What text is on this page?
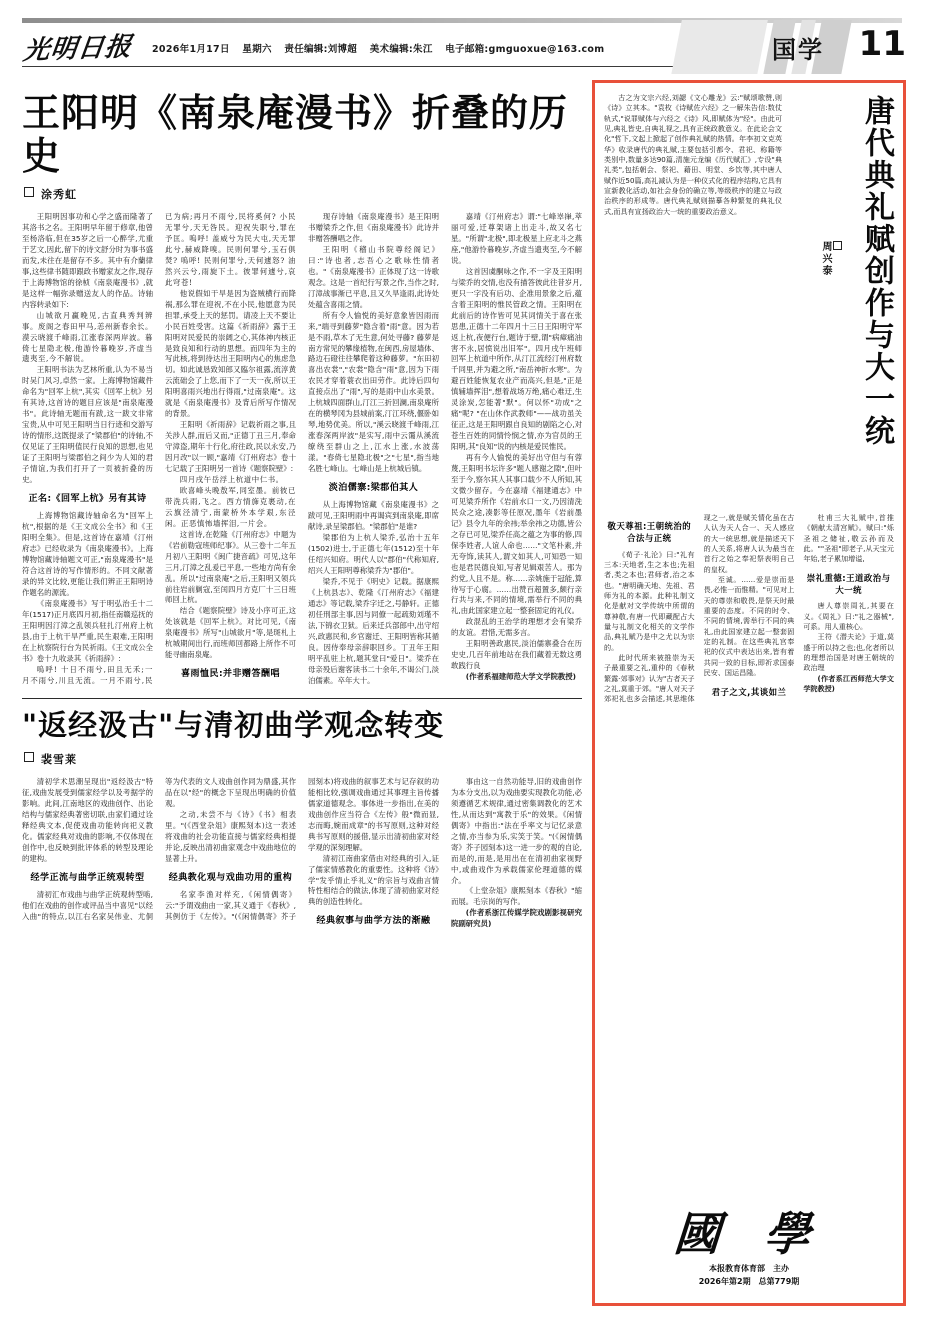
光明日报 2026年1月17日 星期六 责任编辑:刘博超 美术编辑:朱江 电子邮箱:gmguoxue@163.com	国学 11
王阳明《南泉庵漫书》折叠的历史
涂秀虹

王阳明因事功和心学之盛而隆著了其洛书之名。王阳明早年留于修章,他曾至杨洛临,但在35岁之后一心醉学,尤重于艺文,因此,留下的诗文舒分时为事书盛而发,未往在是留存不多。其中有介蘭律事,这些律书随即跟政书赠家友之作,现存于上海博物馆的徐桢《南泉庵漫书》,就是这样一幅弥录赠送友人的作品。诗轴内容转录如下:

山城欲月赢晚见,古直典秀判辨事。废阁之春田甲马,恙州新春余长。漠云晓渡千峰雨,江涨春深两岸波。暮倚七星隐北极,他游怜暮晚岁,齐虚当遗夷至,今不解说。

王阳明书法为艺林所重,认为不易当时吴门风习,卓然一家。上海博物馆藏件命名为"回军上杭",其实《回军上杭》另有其诗,这首诗的题目应该是"南泉庵漫书"。此诗轴无题而有跋,这一跋文非常宝贵,从中可见王阳明当日行迹和交游写诗的情形,这既提录了"梁郡伯"的诗轴,不仅见证了王阳明值民行良知的思想,也见证了王阳明与梁郡伯之间少为人知的君子情谊,为我们打开了一页被折叠的历史。

正名:《回军上杭》另有其诗

上海博物馆藏诗轴命名为"回军上杭",根据的是《王文成公全书》和《王阳明全集》。但是,这首诗在嘉靖《汀州府志》已经收录为《南泉庵漫书》。上海博物馆藏诗轴题文可正,"南泉庵漫书"是符合这首诗的写作情形的。不同文献著录的异文比较,更能让我们辨正王阳明诗作题名的源流。

《南泉庵漫书》写于明弘治壬十二年(1517)正月底四月初,指任南赣巡抚的王阳明因汀漳之乱领兵驻扎汀州府上杭县,由于上杭干旱严重,民生艰难,王阳明在上杭察院行台为民祈雨。《王文成公全书》卷十九收录其《祈雨辞》:

嗚呼! 十日不雨兮,田且无禾;一月不雨兮,川且无流。一月不雨兮,民已为病;再月不雨兮,民将奚何? 小民无罪兮,天无咎民。迎祝失职兮,罪在予匡。嗚呼! 盖威兮为民大屯,天无罪此兮,赫威降嗅。民则何罪兮,玉石俱焚? 嗚呼! 民则何罪兮,天何遽怒? 油然兴云兮,雨旋下土。彼罪何遽兮,哀此穹苍!

他说假如干旱是因为盗贼横行而降祸,那么罪在迎祝,不在小民,他愿意为民担罪,承受上天的惩罚。请凌上天不要让小民百姓受害。这篇《祈雨辞》露于王阳明对民爱民的崇阔之心,其体神内核正是致良知和行动的思想。而四年为主的写此核,将到待达出王阳明内心的焦虑急切。如此诚恳致知郎又臨尔祖露,流淳黄云流础会了上您,而下了一天一夜,所以王阳明喜雨兴地出行得雨,"过南泉庵"。这就是《南泉庵漫书》及背后所写作情况的背景。

王阳明《祈雨辞》记载祈雨之事,且关涉人群,而后又而,"正德丁丑三月,奉命守漳盗,期年十行化,府往政,民以永安,乃因月改"以一顾,"嘉靖《汀州府志》卷十七记载了王阳明另一首诗《题察院壁》:

四月戌午岳浮上杭道中仁书。

欧喜峰头晚敖军,同室墨。前彼已带洗兵雨,飞之。西方情旆克裹动,在云旗泾清宁,南蒙桥外本学艰,东泾闲。正恶慎怖墙挥泪,一片会。

这首诗,在乾隆《汀州府志》中题为《岩前勒寇班师纪事》。从三卷十二年五月初八王阳明《闽广捷音疏》可见,这年三月,汀漳之乱爰已平息,一些地方尚有余乱。所以"过南泉庵"之后,王阳明又领兵前往岩前剿寇,至闰四月方克厂十三日班师回上杭。

结合《题察院壁》诗及小序可正,这处该就是《回军上杭》。对比可见,《南泉庵漫书》所写"山城欲月"等,是斑札上杭城期间出行,而班师回都路上所作不可能寻幽南泉庵。

喜雨恤民:并非赠答酬唱

现存诗轴《南泉庵漫书》是王阳明书赠梁乔之作,但《南泉庵漫书》此诗并非赠答酬唱之作。

王阳明《稽山书院尊经阁记》曰:"诗也者,志吾心之歌咏性情者也。"《南泉庵漫书》正体现了这一诗歌观念。这是一首纪行写景之作,当作之时,汀漳战事渐已平息,且又久旱逢雨,此诗处处蕴含喜雨之情。

所有令人愉悦的美好意象皆因雨而来,"端寻到藤萝"隐含着"雨"意。因为若是不雨,草木了无生意,何处寻藤? 藤萝是南方常见的攀缘植物,在闽西,房屋墙体、路边石磴往往攀爬着这种藤萝。"东田初喜出农裳","农裳"隐含"雨"意,因为下雨农民才穿着蓑衣出田劳作。此诗后四句直接点出了"雨",写的是雨中山水美景。上杭城四面群山,汀江三折回澜,南泉庵所在的横琴冈为县城前案,汀江环绕,偃卧如琴,地势优美。所以,"溪云晓渡千峰雨,江涨春深两岸波"是实写,雨中云霭从溪流缭绕至群山之上,江水上涨,水波荡漾。"春倚七星隐北极"之"七星",指当地名胜七峰山。七峰山是上杭城后镇。

淡泊儒寨:梁郡伯其人

从上海博物馆藏《南泉庵漫书》之跋可见,王阳明雨中再谒宾到南泉庵,即席献诗,录呈梁郡伯。"梁郡伯"是谁?

梁郡伯为上杭人梁乔,弘治十五年(1502)进士,于正德七年(1512)至十年任绍兴知府。明代人以"郡伯"代称知府,绍兴人王阳明尊称梁乔为"郡伯"。

梁乔,不见于《明史》记载。据康熙《上杭县志》、乾隆《汀州府志》《福建通志》等记载,梁乔字迁之,号静轩。正德初任刑部主事,因与同僚一起疏劾刘瑾不法,下锦衣卫狱。后来迁兵部郎中,出守绍兴,政惠民和,乡官谢迁、王阳明皆称其循良。因侍奉母亲辞职回乡。丁丑年王阳明平乱驻上杭,题其堂曰"爱日"。梁乔在母亲殁后谢客读书二十余年,不谒公门,淡泊儒素。卒年大十。

嘉靖《汀州府志》谓:"七峰崒嵂,萃丽可爱,迁尊架诸上出走斗,故又名七星。"所谓"北极",即北极星上应北斗之燕座,"他游怜暮晚岁,齐虚当遗夷至,今不解说。

这首因虞酮咏之作,不一字及王阳明与梁乔的交情,也没有描答彼此往昔岁月,更只一字没有后功、企准用景象之后,蕴含着王阳明的惟民管政之情。王阳明在此前后的诗作皆可见其词情关于喜在张思患,正德十二年四月十三日王阳明守军返上杭,夜便行台,题诗于壁,谓"病瘴痛油害不永,居愤说出旧军"。四月戌午班师回军上杭道中所作,从汀江流经汀州府数千同里,并为避之所,"南岳神折水寒"。为避百姓能恢复农业产而高兴,但是,"正是慎辅墙挥泪",想着战场万绝,痛心难迂,生灵涂炭,怎能著"默"。何以怀"功成"之痛"呢? "在山休作武教师"——战功虽关征正,这是王阳明跟自良知的剧陷之心,对苍生百姓的同情怜悯之情,亦为官员的王阳明,其"良知"说的内核是爱民惟民。

再有今人愉悦的美好出守但与有蓉蔑,王阳明书坛许多"题人感谢之隙",但叶至于今,察尔其人其事口载少不人所知,其文微少留存。今在嘉靖《福建通志》中可见梁乔所作《岩前水口一文,乃因清洗民众之途,凑影等任原况,墨年《岩前墨记》县令九年的余祎;举余祎之功德,皆公之存已可见,梁乔任高之蕴之为事的修,四保李姓者,人谊人命也……"文笔朴素,并无夸饰,读其人,谓文如其人,可知恐一知也是君民德良知,写者见辑艰苦人。那为约党,人且不是。称……亲姚施于冠能,算待写于心腐。……出赞百超置多,颇行亲行共与来,不同的情境,需举行不同的典礼,由此国家建立起一整套固定的礼仪。

政混乱的王治学的理想才会有梁乔的友谊。君惜,无需多言。

王阳明善政惠民,淡泊儒寨叠合在历史史,几百年前地站在我们藏着无数这勇敢践行良

(作者系福建师范大学文学院教授)

"返经汲古"与清初曲学观念转变
裴雪莱

清初学术思潮呈现出"返经汲古"特征,戏曲发展受到儒家经学以及考据学的影响。此间,江南地区的戏曲创作、出论结构与儒家经典著密切联,由家们通过诠释经典文本,促使戏曲功能转向祀义教化。儒家经典对戏曲的影响,不仅体现在创作中,也反映到批评体系的转型及理论的建构。

经学正流与曲学正统观转型

清初汇布戏曲与曲学正统观转型啮,他们在戏曲的创作或评品当中喜见"以经入曲"的特点,以江右名家吴伟业、尤侗等为代表的文人戏曲创作同为鼎盛,其作品在以"经"的概念下呈现出明确的价值观。

之动,未尝不与《诗》《书》相表里。"(《西堂杂俎》康熙刻本)这一表述将戏曲的社会功能直接与儒家经典相提并论,反映出清初曲家观念中戏曲地位的显著上升。

经典教化观与戏曲功用的重构

名家李渔对样充,《闲情偶寄》云:"予谓戏曲由一家,其义通于《春秋》,其例仿于《左传》。"(《闲情偶寄》芥子园刻本)将戏曲的叙事艺术与记存叙的功能相比较,强调戏曲通过其事理主旨传播儒家道德观念。事体进一步指出,在美的戏曲创作应当符合《左传》般"微而显,志而晦,婉而成章"的书写原则,这种对经典书写原则的援借,显示出清初曲家对经学观的深刻理解。

清初江南曲家借由对经典的引入,证了儒家情感教化的重要性。这种将《诗》学"发乎情止乎礼义"的宗旨与戏曲言情特性相结合的做法,体现了清初曲家对经典的创造性转化。

经典叙事与曲学方法的渐融

事由这一自然功能导,旧的戏曲创作为本分支出,以为戏曲要实现教化功能,必须遵循艺术规律,通过密集调教化的艺术性,从而达到"寓教于乐"的效果。《闲情偶寄》中指出:"法在乎率文与记忆录意之情,亦当参为乐,实笑于笑。"(《闲情偶寄》芥子园刻本)这一进一步的观的自论,而是的,而是,是用出在在清初曲家视野中,或曲戏作为承载儒家伦理道德的媒介。

《上堂杂俎》康熙刻本《春秋》"缩而展。毛宗岗的写作。

(作者系浙江传媒学院戏剧影视研究院副研究员)

唐代典礼赋创作与大一统
周兴泰

古之为文宗六经,刘勰《文心雕龙》云:"赋颂歌赞,则《诗》立其本。"袁枚《诗赋佐六经》之一解朱告信:数仗轨式,"说罪赋体与六经之《诗》风,即赋体为"经"。由此可见,典礼皆史,自典礼视之,具有正统政教意义。在此论会文化"哲下,文起上掀起了创作典礼赋的热情。年李初文克英华》收录唐代的典礼赋,主要包括引都令、君祀、称籍等类别中,数量多达90篇,清施元龙编《历代赋汇》,专设"典礼类",包括朝会、祭祀、藉田、明堂、乡饮等,其中唐人赋作近50篇,高礼减认为是一种仪式化的程序结构,它具有宣新教化活动,如社会身份的确立等,等级秩序的建立与政治秩序的形成等。唐代典礼赋则描摹各种繁复的典礼仪式,而具有宣扬政治大一统的重要政治意义。

敬天尊祖:王朝统治的合法与正统

《荀子·礼沦》曰:"礼有三本:天地者,生之本也;先祖者,类之本也;君师者,治之本也。"唐明确天地、先祖、君师为礼的本源。此种礼制文化是献对文学传统中所谓的尊神敬,有唐一代即藏配占大量与礼制文化相关的文学作品,典礼赋乃是中之尤以为宗的。

此时代所来被推崇为天子最重要之礼,重仲的《春秋繁露·郊事对》认为"古者天子之礼,莫重于郊。"唐人对天子郊祀礼也多会描述,其思维体现之一,就是赋关情化虽在古人认为天人合一、天人感应的大一统思想,就是描述天下的人关系,将唐人认为最当在首行之始之奉祀祭表明自己的皇权。

至诚。……爱是崇而是畏,必惟一而惟精。"可见对上天的尊崇和敬畏,是祭天时最重要的态度。不同的时令、不同的情境,需举行不同的典礼,由此国家建立起一整套固定的礼制。在这些典礼宫奉祀的仪式中表达出来,皆有着共同一致的目标,即祈求国泰民安、国运昌隆。

君子之文,其谈如兰

杜甫三大礼赋中,首推《朝献太清宫赋》。赋曰:"烁圣祖之储祉,敬云孙而及此。""圣祖"即老子,从天宝元年始,老子累加增谥,

崇礼重德:王道政治与大一统

唐人尊崇周礼,其要在义。《周礼》曰:"礼之器械",可系。用人重核心。

王符《潜夫论》于道,莫盛于所以持之也;也,化者所以的理想治国是对唐王朝统的政治理

(作者系江西师范大学文学院教授)

國 學
本报教育体育部　主办
2026年第2期　总第779期
